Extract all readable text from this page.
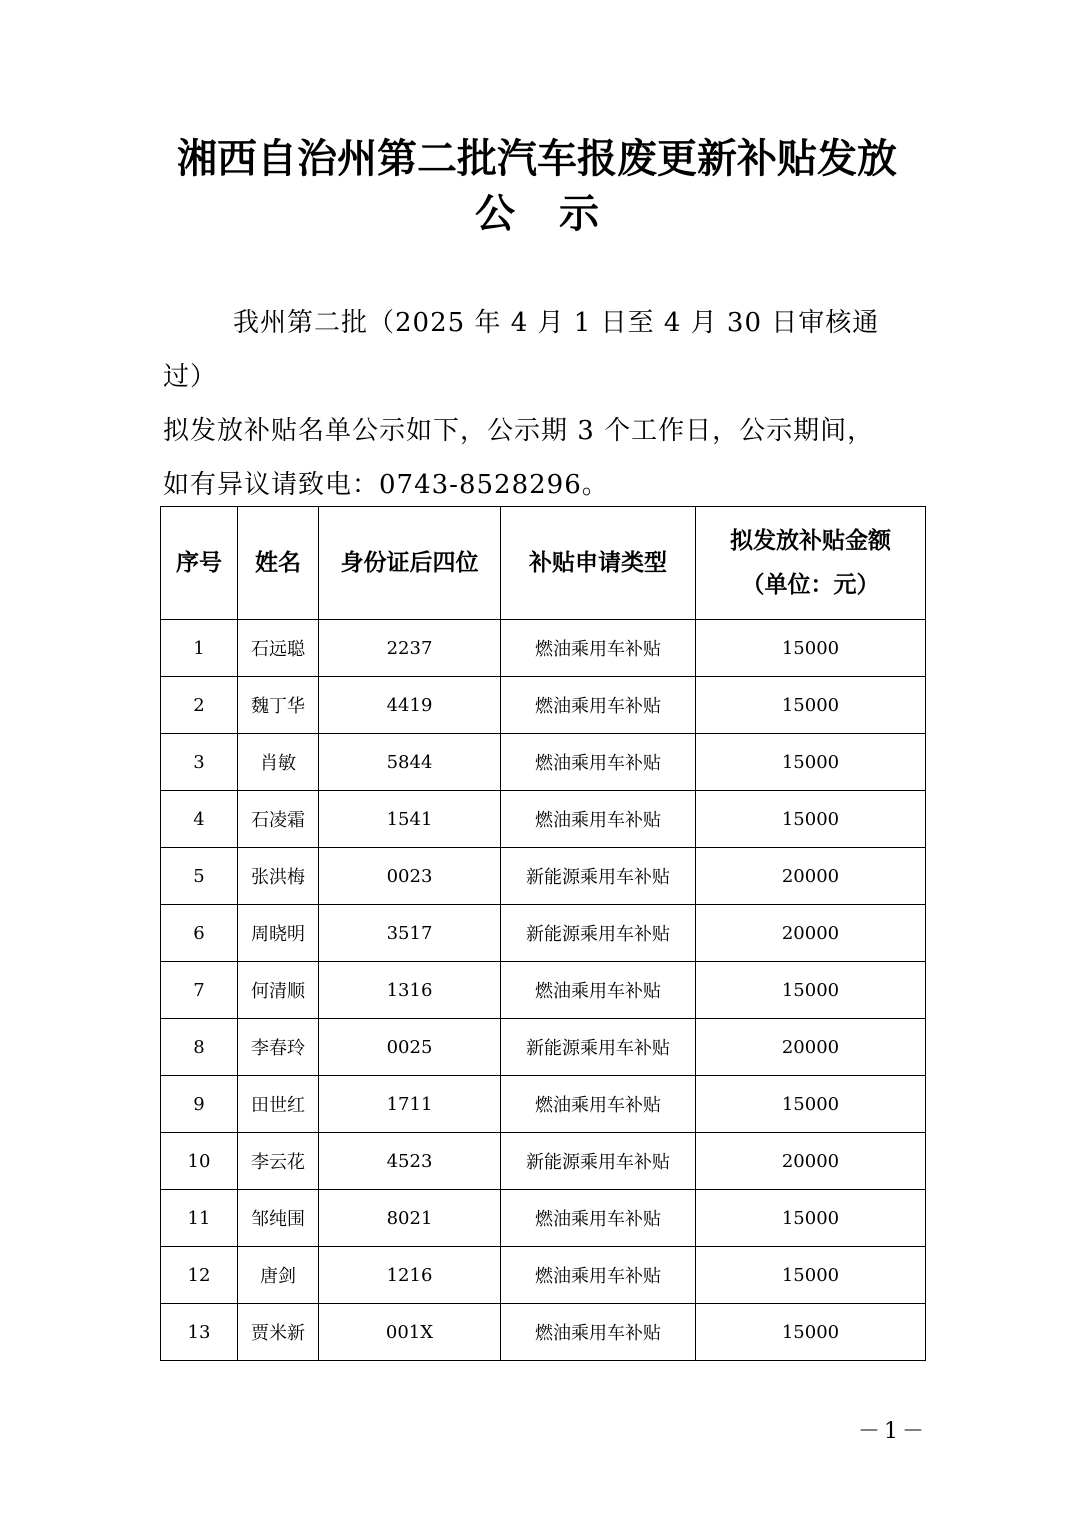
湘西自治州第二批汽车报废更新补贴发放
公示

我州第二批（2025 年 4 月 1 日至 4 月 30 日审核通过）
拟发放补贴名单公示如下，公示期 3 个工作日，公示期间，
如有异议请致电：0743-8528296。

序号	姓名	身份证后四位	补贴申请类型	拟发放补贴金额
（单位：元）
1	石远聪	2237	燃油乘用车补贴	15000
2	魏丁华	4419	燃油乘用车补贴	15000
3	肖敏	5844	燃油乘用车补贴	15000
4	石凌霜	1541	燃油乘用车补贴	15000
5	张洪梅	0023	新能源乘用车补贴	20000
6	周晓明	3517	新能源乘用车补贴	20000
7	何清顺	1316	燃油乘用车补贴	15000
8	李春玲	0025	新能源乘用车补贴	20000
9	田世红	1711	燃油乘用车补贴	15000
10	李云花	4523	新能源乘用车补贴	20000
11	邹纯围	8021	燃油乘用车补贴	15000
12	唐剑	1216	燃油乘用车补贴	15000
13	贾米新	001X	燃油乘用车补贴	15000
－1－
